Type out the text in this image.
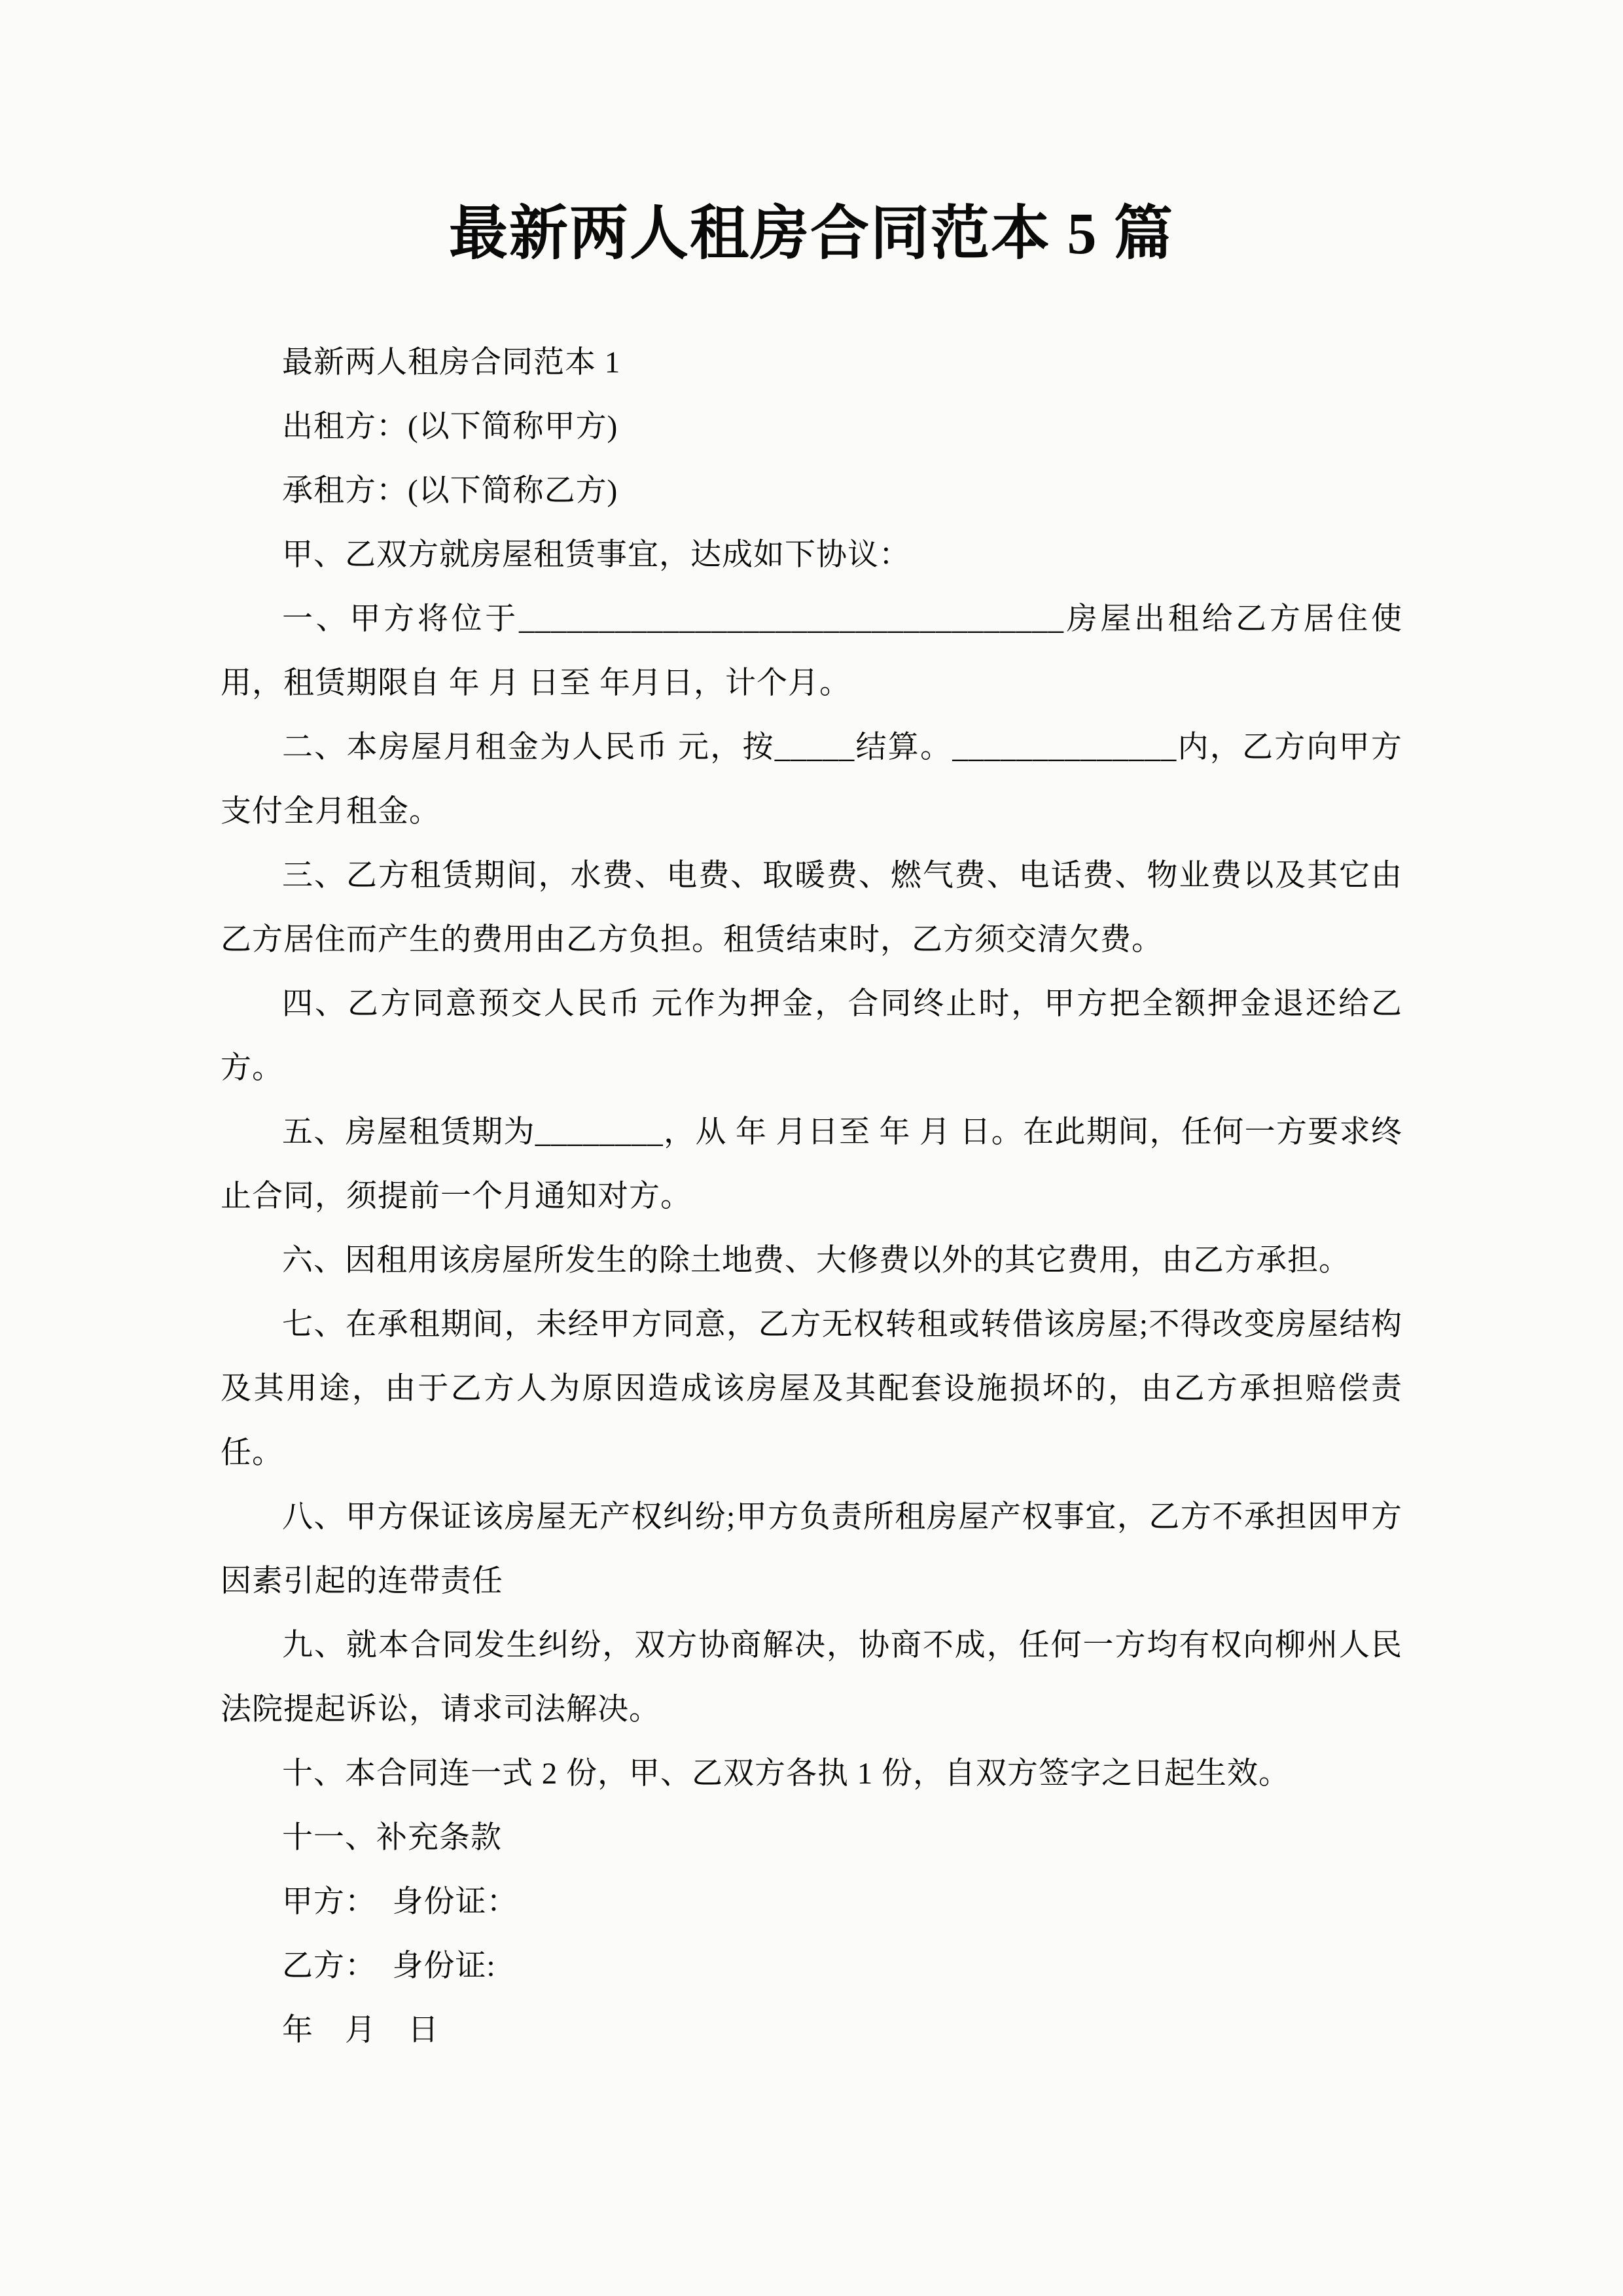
最新两人租房合同范本 5 篇

最新两人租房合同范本 1

出租方：(以下简称甲方)

承租方：(以下简称乙方)

甲、乙双方就房屋租赁事宜，达成如下协议：

一、甲方将位于__________________________________房屋出租给乙方居住使用，租赁期限自 年 月 日至 年月日，计个月。

二、本房屋月租金为人民币 元，按_____结算。______________内，乙方向甲方支付全月租金。

三、乙方租赁期间，水费、电费、取暖费、燃气费、电话费、物业费以及其它由乙方居住而产生的费用由乙方负担。租赁结束时，乙方须交清欠费。

四、乙方同意预交人民币 元作为押金，合同终止时，甲方把全额押金退还给乙方。

五、房屋租赁期为________，从 年 月日至 年 月 日。在此期间，任何一方要求终止合同，须提前一个月通知对方。

六、因租用该房屋所发生的除土地费、大修费以外的其它费用，由乙方承担。

七、在承租期间，未经甲方同意，乙方无权转租或转借该房屋;不得改变房屋结构及其用途，由于乙方人为原因造成该房屋及其配套设施损坏的，由乙方承担赔偿责任。

八、甲方保证该房屋无产权纠纷;甲方负责所租房屋产权事宜，乙方不承担因甲方因素引起的连带责任

九、就本合同发生纠纷，双方协商解决，协商不成，任何一方均有权向柳州人民法院提起诉讼，请求司法解决。

十、本合同连一式 2 份，甲、乙双方各执 1 份，自双方签字之日起生效。

十一、补充条款

甲方：　身份证：

乙方：　身份证:

年　月　日
